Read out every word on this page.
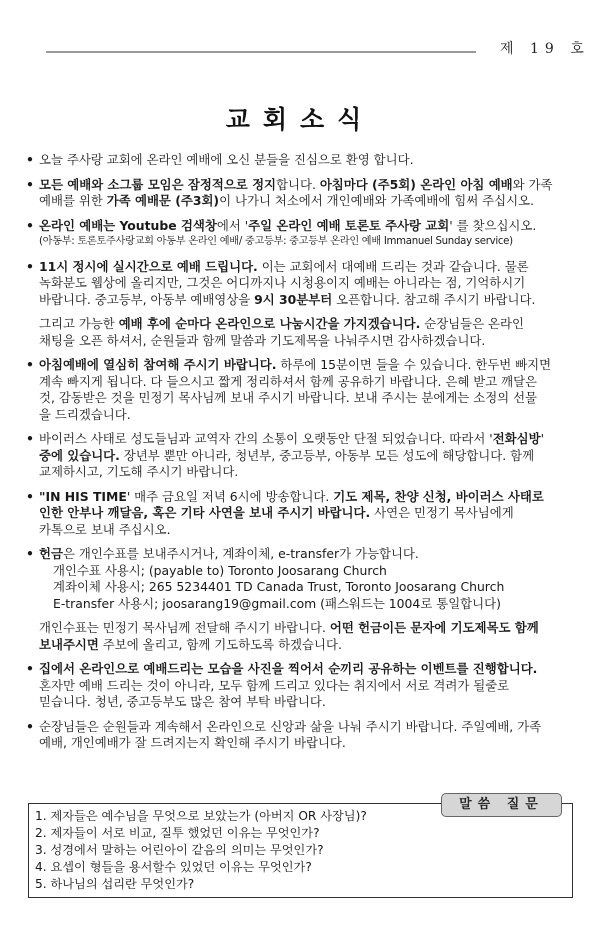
제 19 호
교회소식
• 오늘 주사랑 교회에 온라인 예배에 오신 분들을 진심으로 환영 합니다.
• 모든 예배와 소그룹 모임은 잠정적으로 정지합니다. 아침마다 (주5회) 온라인 아침 예배와 가족
예배를 위한 가족 예배문 (주3회)이 나가니 처소에서 개인예배와 가족예배에 힘써 주십시오.
• 온라인 예배는 Youtube 검색창에서 '주일 온라인 예배 토론토 주사랑 교회' 를 찾으십시오.
(아동부: 토론토주사랑교회 아동부 온라인 예배/ 중고등부: 중고등부 온라인 예배 Immanuel Sunday service)
• 11시 정시에 실시간으로 예배 드립니다. 이는 교회에서 대예배 드리는 것과 같습니다. 물론
녹화분도 웹상에 올리지만, 그것은 어디까지나 시청용이지 예배는 아니라는 점, 기억하시기
바랍니다. 중고등부, 아동부 예배영상을 9시 30분부터 오픈합니다. 참고해 주시기 바랍니다.
그리고 가능한 예배 후에 순마다 온라인으로 나눔시간을 가지겠습니다. 순장님들은 온라인
채팅을 오픈 하셔서, 순원들과 함께 말씀과 기도제목을 나눠주시면 감사하겠습니다.
• 아침예배에 열심히 참여해 주시기 바랍니다. 하루에 15분이면 들을 수 있습니다. 한두번 빠지면
계속 빠지게 됩니다. 다 들으시고 짧게 정리하셔서 함께 공유하기 바랍니다. 은혜 받고 깨달은
것, 감동받은 것을 민정기 목사님께 보내 주시기 바랍니다. 보내 주시는 분에게는 소정의 선물
을 드리겠습니다.
• 바이러스 사태로 성도들님과 교역자 간의 소통이 오랫동안 단절 되었습니다. 따라서 '전화심방'
중에 있습니다. 장년부 뿐만 아니라, 청년부, 중고등부, 아동부 모든 성도에 해당합니다. 함께
교제하시고, 기도해 주시기 바랍니다.
• "IN HIS TIME' 매주 금요일 저녁 6시에 방송합니다. 기도 제목, 찬양 신청, 바이러스 사태로
인한 안부나 깨달음, 혹은 기타 사연을 보내 주시기 바랍니다. 사연은 민정기 목사님에게
카톡으로 보내 주십시오.
• 헌금은 개인수표를 보내주시거나, 계좌이체, e-transfer가 가능합니다.
개인수표 사용시; (payable to) Toronto Joosarang Church
계좌이체 사용시; 265 5234401 TD Canada Trust, Toronto Joosarang Church
E-transfer 사용시; joosarang19@gmail.com (패스워드는 1004로 통일합니다)
개인수표는 민정기 목사님께 전달해 주시기 바랍니다. 어떤 헌금이든 문자에 기도제목도 함께
보내주시면 주보에 올리고, 함께 기도하도록 하겠습니다.
• 집에서 온라인으로 예배드리는 모습을 사진을 찍어서 순끼리 공유하는 이벤트를 진행합니다.
혼자만 예배 드리는 것이 아니라, 모두 함께 드리고 있다는 취지에서 서로 격려가 될줄로
믿습니다. 청년, 중고등부도 많은 참여 부탁 바랍니다.
• 순장님들은 순원들과 계속해서 온라인으로 신앙과 삶을 나눠 주시기 바랍니다. 주일예배, 가족
예배, 개인예배가 잘 드려지는지 확인해 주시기 바랍니다.
1. 제자들은 예수님을 무엇으로 보았는가 (아버지 OR 사장님)?
2. 제자들이 서로 비교, 질투 했었던 이유는 무엇인가?
3. 성경에서 말하는 어린아이 같음의 의미는 무엇인가?
4. 요셉이 형들을 용서할수 있었던 이유는 무엇인가?
5. 하나님의 섭리란 무엇인가?
말씀 질문
